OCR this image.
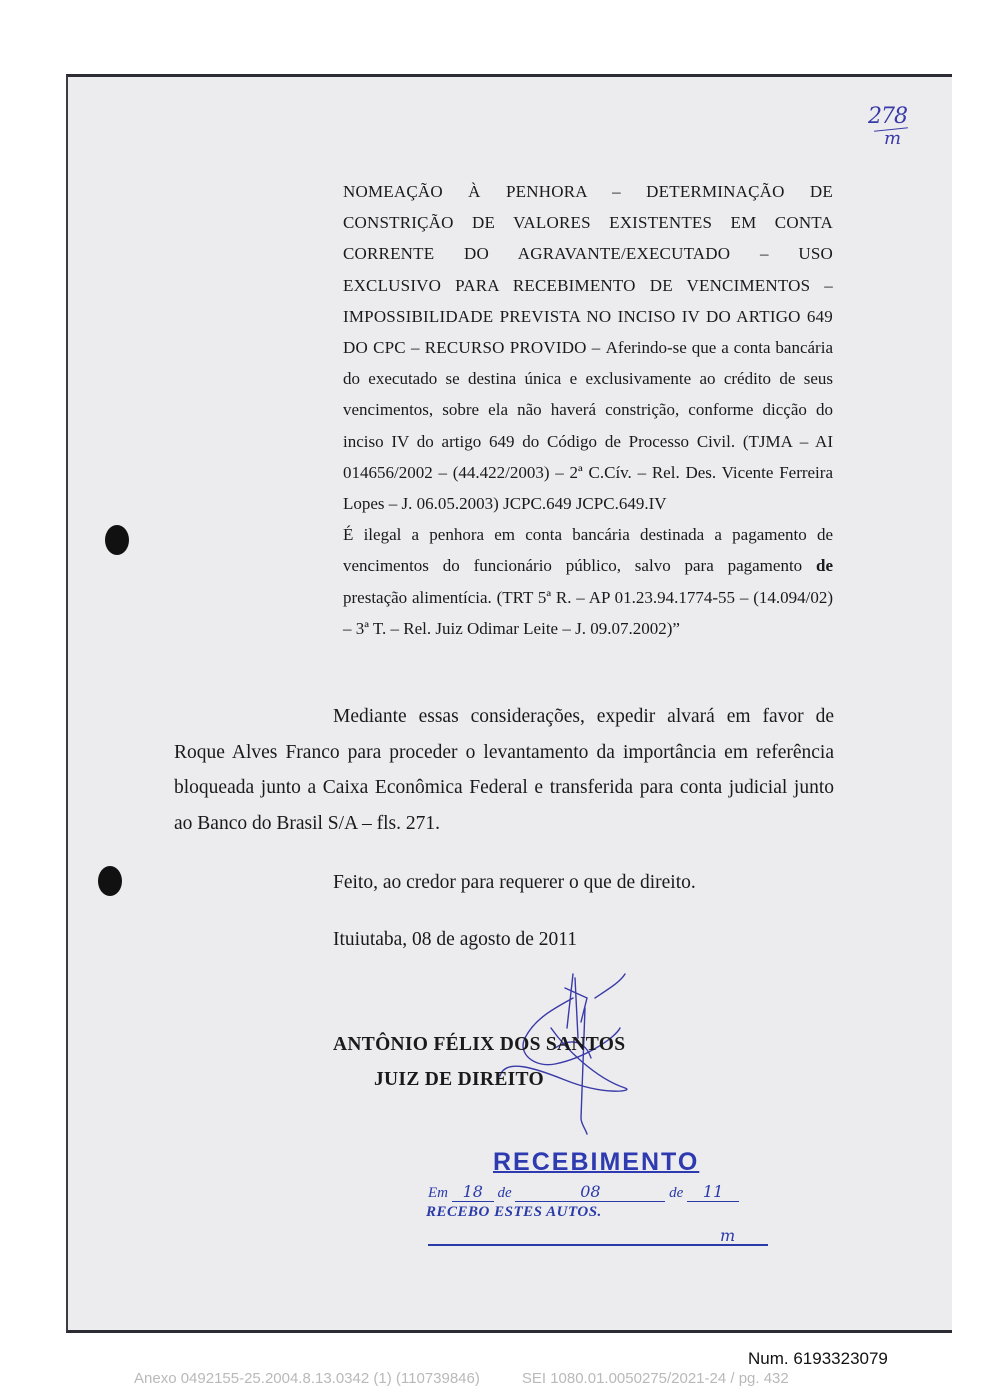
278
m

NOMEAÇÃO À PENHORA – DETERMINAÇÃO DE CONSTRIÇÃO DE VALORES EXISTENTES EM CONTA CORRENTE DO AGRAVANTE/EXECUTADO – USO EXCLUSIVO PARA RECEBIMENTO DE VENCIMENTOS – IMPOSSIBILIDADE PREVISTA NO INCISO IV DO ARTIGO 649 DO CPC – RECURSO PROVIDO – Aferindo-se que a conta bancária do executado se destina única e exclusivamente ao crédito de seus vencimentos, sobre ela não haverá constrição, conforme dicção do inciso IV do artigo 649 do Código de Processo Civil. (TJMA – AI 014656/2002 – (44.422/2003) – 2ª C.Cív. – Rel. Des. Vicente Ferreira Lopes – J. 06.05.2003) JCPC.649 JCPC.649.IV

É ilegal a penhora em conta bancária destinada a pagamento de vencimentos do funcionário público, salvo para pagamento de prestação alimentícia. (TRT 5ª R. – AP 01.23.94.1774-55 – (14.094/02) – 3ª T. – Rel. Juiz Odimar Leite – J. 09.07.2002)”

Mediante essas considerações, expedir alvará em favor de Roque Alves Franco para proceder o levantamento da importância em referência bloqueada junto a Caixa Econômica Federal e transferida para conta judicial junto ao Banco do Brasil S/A – fls. 271.

Feito, ao credor para requerer o que de direito.
Ituiutaba, 08 de agosto de 2011
ANTÔNIO FÉLIX DOS SANTOS
JUIZ DE DIREITO
RECEBIMENTO
Em 18 de	08	de 11
RECEBO ESTES AUTOS.
m
Num. 6193323079
Anexo 0492155-25.2004.8.13.0342 (1) (110739846)	SEI 1080.01.0050275/2021-24 / pg. 432
